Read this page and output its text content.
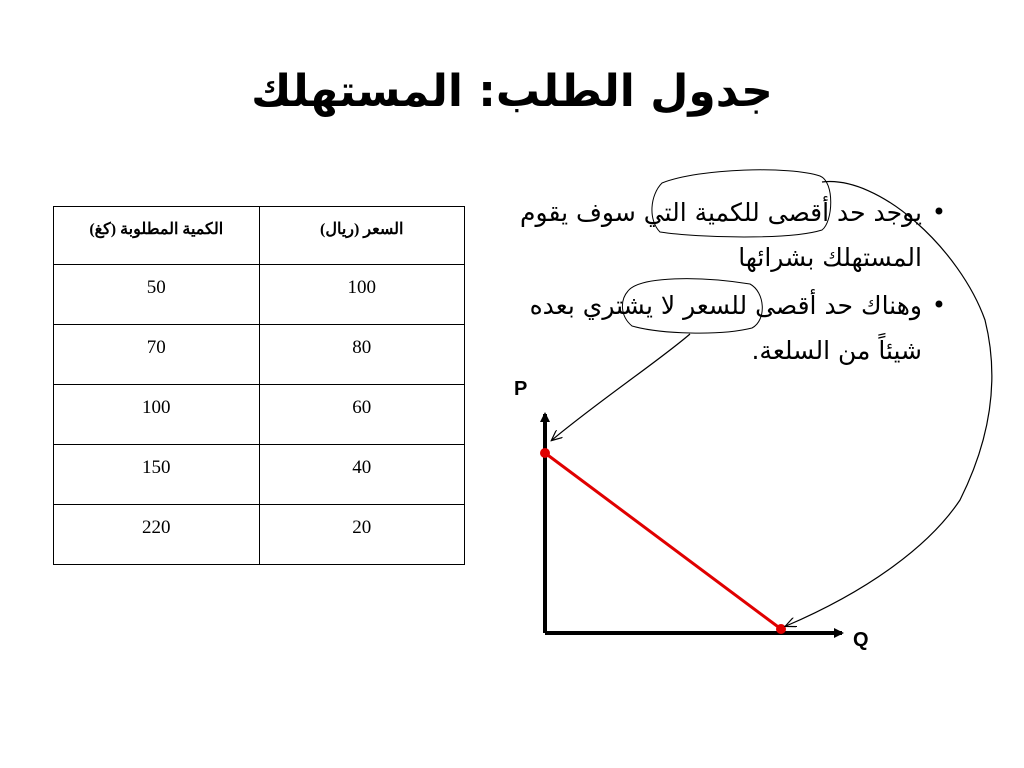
جدول الطلب: المستهلك
السعر (ريال)	الكمية المطلوبة (كغ)
100	50
80	70
60	100
40	150
20	220
• يوجد حد أقصى للكمية التي سوف يقوم المستهلك بشرائها
• وهناك حد أقصى للسعر لا يشتري بعده شيئاً من السلعة.
P
Q
